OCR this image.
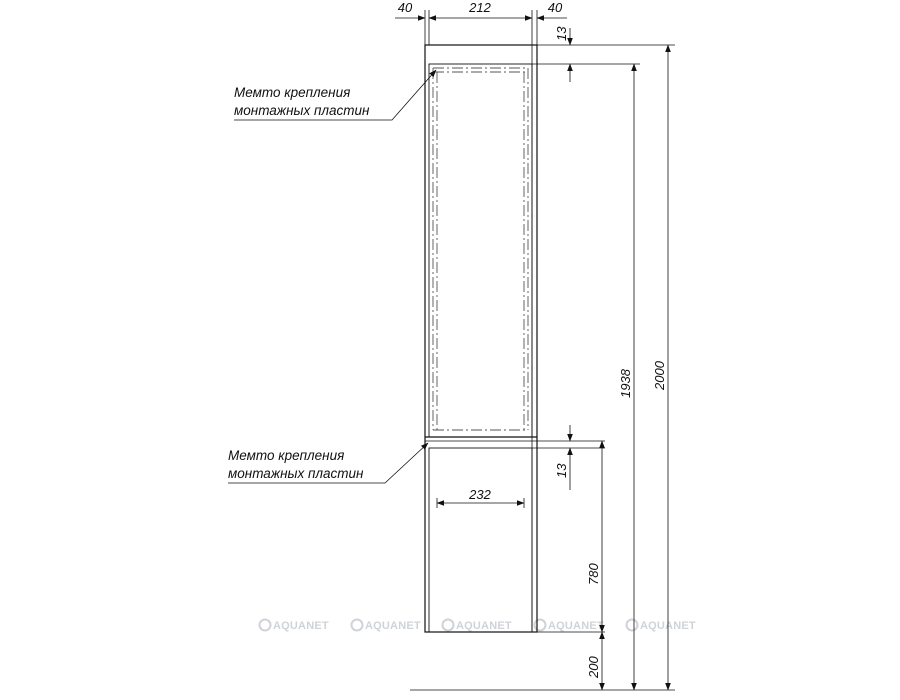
AQUANET	AQUANET	AQUANET	AQUANET	AQUANET
40	212	40
13
13
232
780
200
1938 2000
Мемто крепления
монтажных пластин
Мемто крепления
монтажных пластин
